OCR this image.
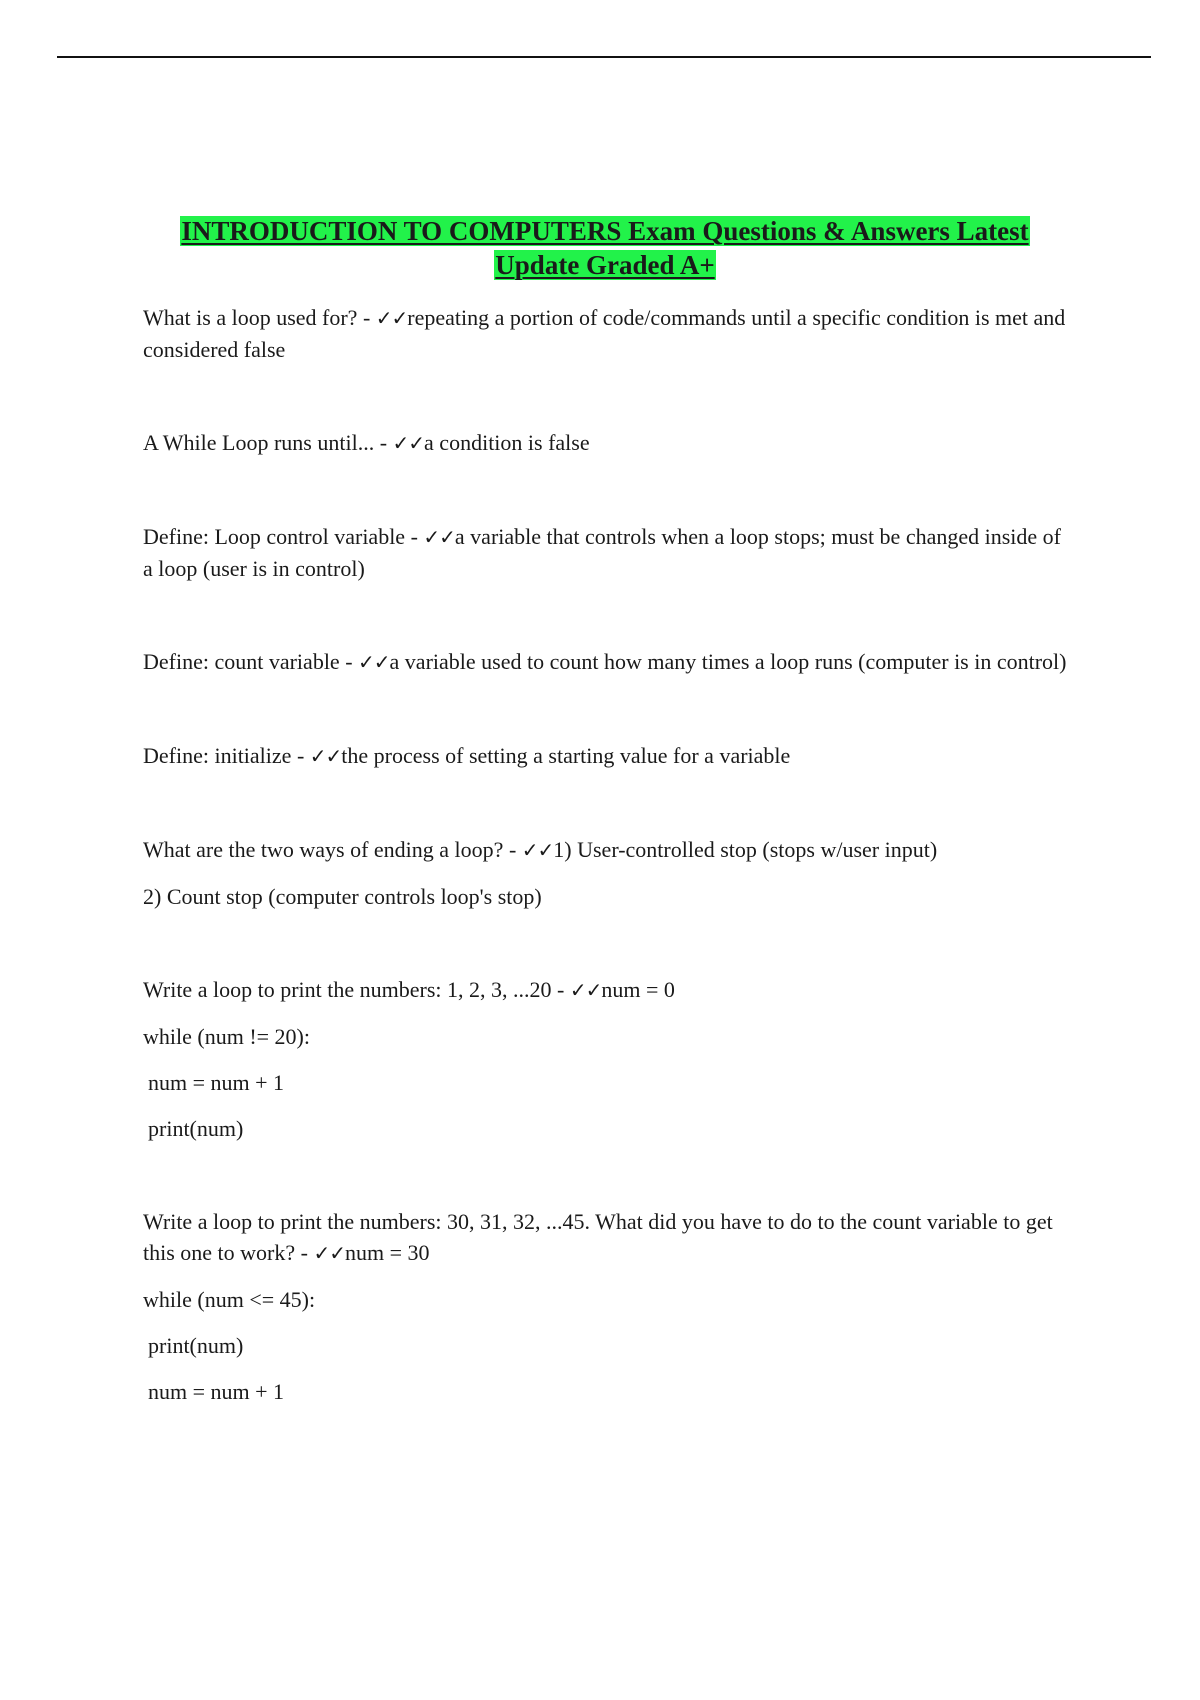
INTRODUCTION TO COMPUTERS Exam Questions & Answers Latest Update Graded A+

What is a loop used for? - ✓✓repeating a portion of code/commands until a specific condition is met and considered false

A While Loop runs until... - ✓✓a condition is false

Define: Loop control variable - ✓✓a variable that controls when a loop stops; must be changed inside of a loop (user is in control)

Define: count variable - ✓✓a variable used to count how many times a loop runs (computer is in control)

Define: initialize - ✓✓the process of setting a starting value for a variable

What are the two ways of ending a loop? - ✓✓1) User-controlled stop (stops w/user input)

2) Count stop (computer controls loop's stop)

Write a loop to print the numbers: 1, 2, 3, ...20 - ✓✓num = 0

while (num != 20):

num = num + 1

print(num)

Write a loop to print the numbers: 30, 31, 32, ...45. What did you have to do to the count variable to get this one to work? - ✓✓num = 30

while (num <= 45):

print(num)

num = num + 1
